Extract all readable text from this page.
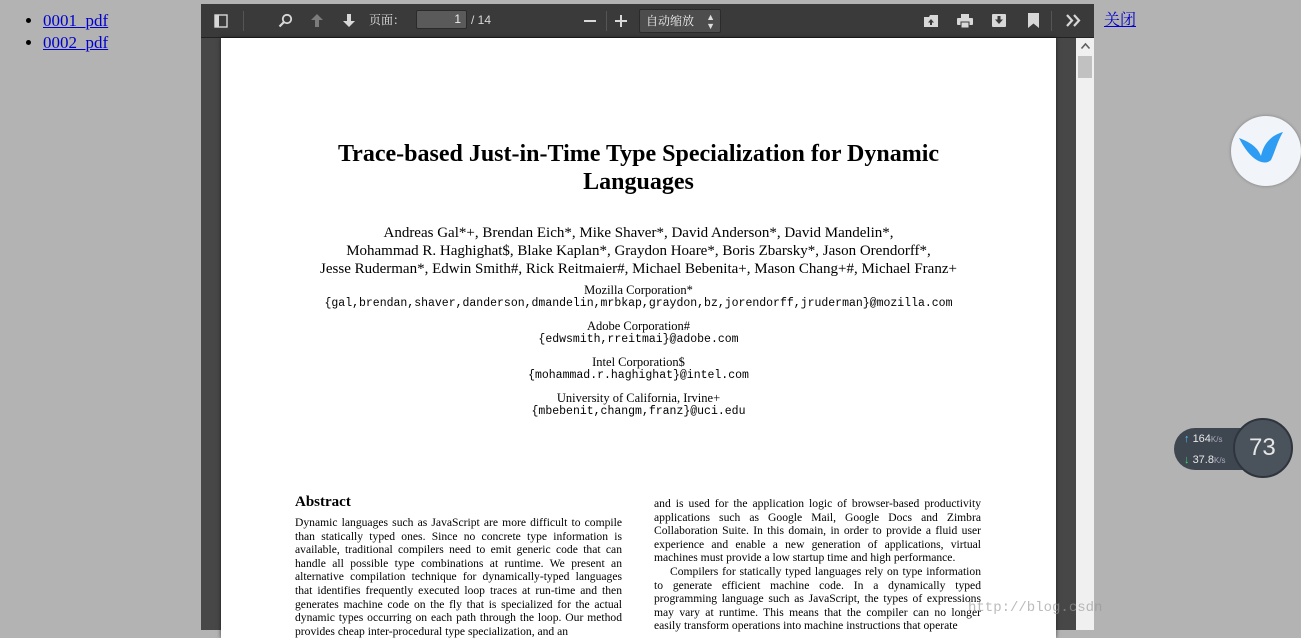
• 0001_pdf
• 0002_pdf
页面：	1 / 14	自动缩放 ▲
▼
Trace-based Just-in-Time Type Specialization for Dynamic
Languages
Andreas Gal*+, Brendan Eich*, Mike Shaver*, David Anderson*, David Mandelin*,
Mohammad R. Haghighat$, Blake Kaplan*, Graydon Hoare*, Boris Zbarsky*, Jason Orendorff*,
Jesse Ruderman*, Edwin Smith#, Rick Reitmaier#, Michael Bebenita+, Mason Chang+#, Michael Franz+
Mozilla Corporation*
{gal,brendan,shaver,danderson,dmandelin,mrbkap,graydon,bz,jorendorff,jruderman}@mozilla.com
Adobe Corporation#
{edwsmith,rreitmai}@adobe.com
Intel Corporation$
{mohammad.r.haghighat}@intel.com
University of California, Irvine+
{mbebenit,changm,franz}@uci.edu
Abstract

Dynamic languages such as JavaScript are more difficult to compile than statically typed ones. Since no concrete type information is available, traditional compilers need to emit generic code that can handle all possible type combinations at runtime. We present an alternative compilation technique for dynamically-typed languages that identifies frequently executed loop traces at run-time and then generates machine code on the fly that is specialized for the actual dynamic types occurring on each path through the loop. Our method provides cheap inter-procedural type specialization, and an

and is used for the application logic of browser-based productivity applications such as Google Mail, Google Docs and Zimbra Collaboration Suite. In this domain, in order to provide a fluid user experience and enable a new generation of applications, virtual machines must provide a low startup time and high performance.

Compilers for statically typed languages rely on type information to generate efficient machine code. In a dynamically typed programming language such as JavaScript, the types of expressions may vary at runtime. This means that the compiler can no longer easily transform operations into machine instructions that operate

关闭
↑ 164K/s
↓ 37.8K/s 73
http://blog.csdn
